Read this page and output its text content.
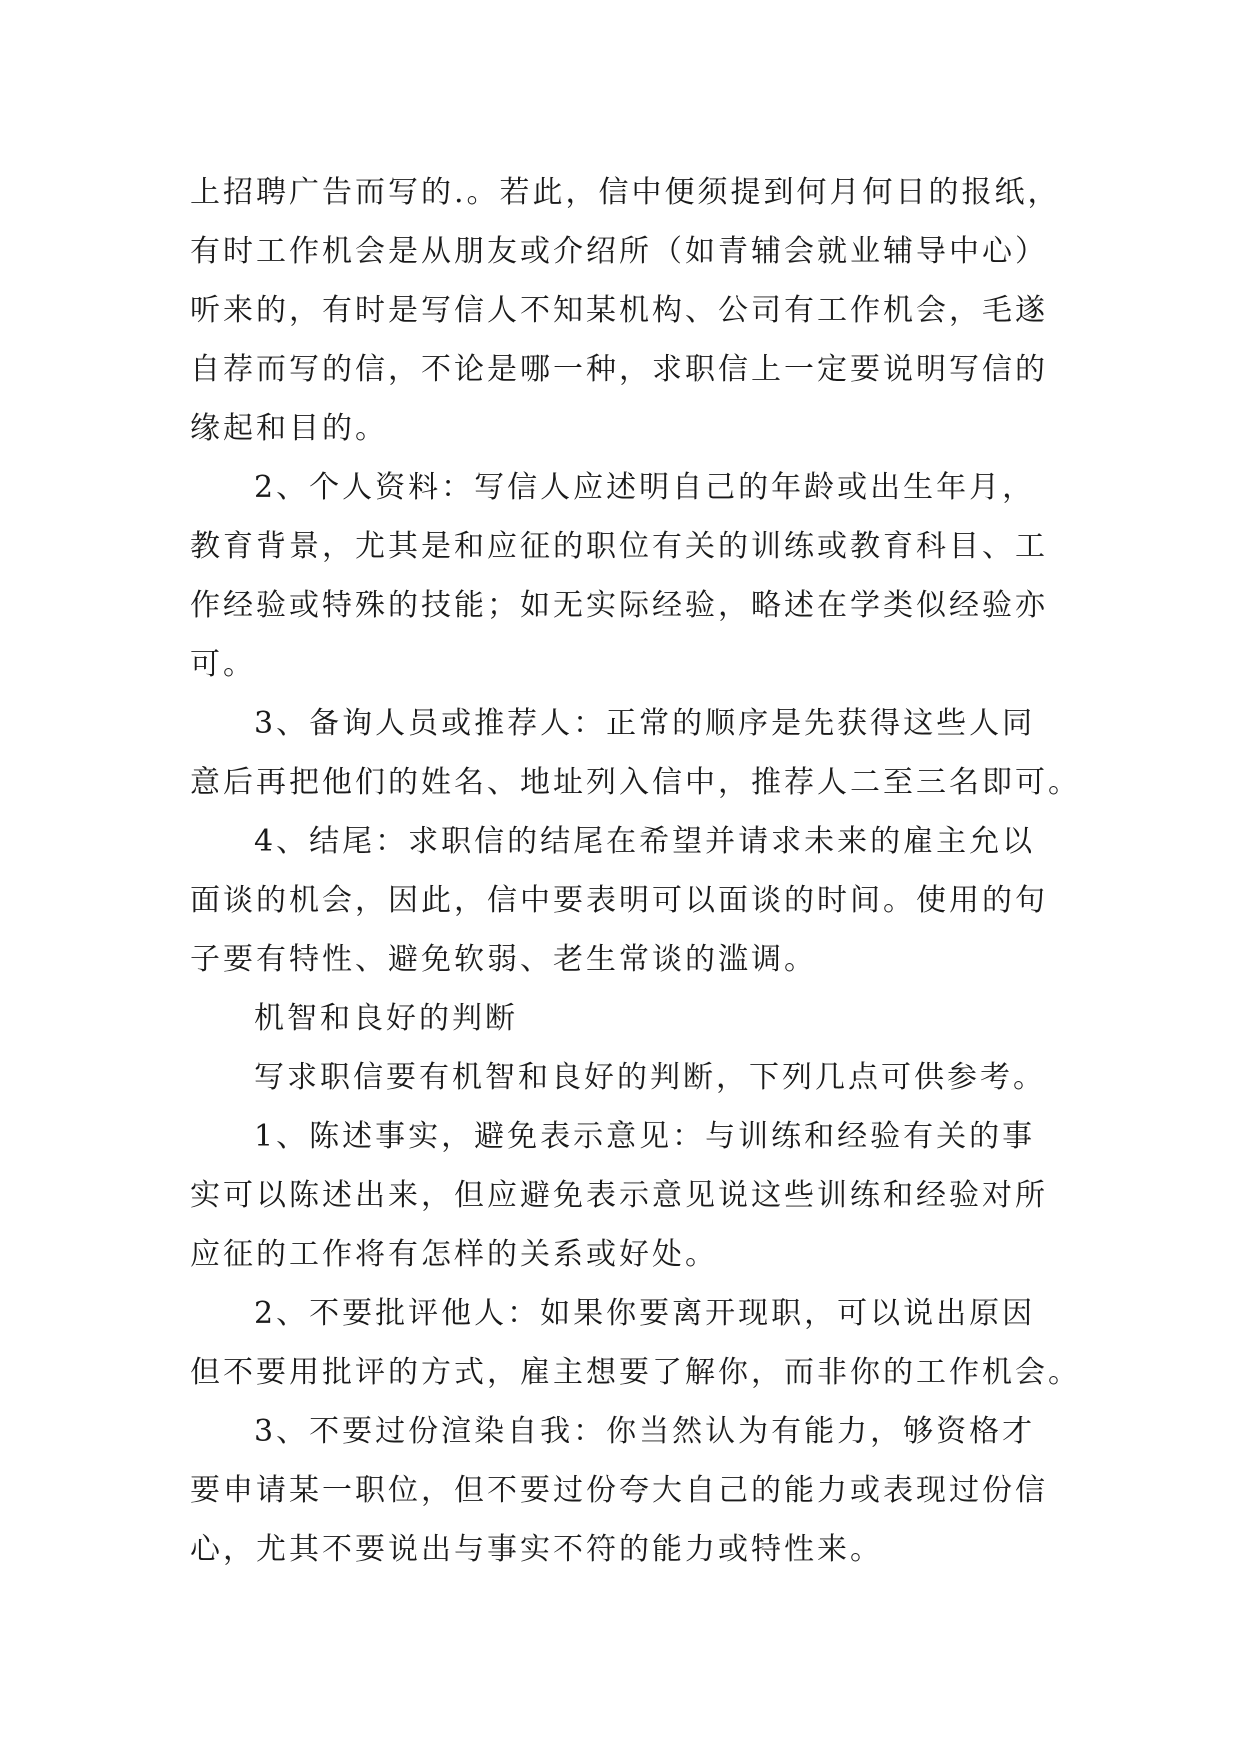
上招聘广告而写的.。若此，信中便须提到何月何日的报纸，
有时工作机会是从朋友或介绍所（如青辅会就业辅导中心）
听来的，有时是写信人不知某机构、公司有工作机会，毛遂
自荐而写的信，不论是哪一种，求职信上一定要说明写信的
缘起和目的。
2、个人资料：写信人应述明自己的年龄或出生年月，
教育背景，尤其是和应征的职位有关的训练或教育科目、工
作经验或特殊的技能；如无实际经验，略述在学类似经验亦
可。
3、备询人员或推荐人：正常的顺序是先获得这些人同
意后再把他们的姓名、地址列入信中，推荐人二至三名即可。
4、结尾：求职信的结尾在希望并请求未来的雇主允以
面谈的机会，因此，信中要表明可以面谈的时间。使用的句
子要有特性、避免软弱、老生常谈的滥调。
机智和良好的判断
写求职信要有机智和良好的判断，下列几点可供参考。
1、陈述事实，避免表示意见：与训练和经验有关的事
实可以陈述出来，但应避免表示意见说这些训练和经验对所
应征的工作将有怎样的关系或好处。
2、不要批评他人：如果你要离开现职，可以说出原因
但不要用批评的方式，雇主想要了解你，而非你的工作机会。
3、不要过份渲染自我：你当然认为有能力，够资格才
要申请某一职位，但不要过份夸大自己的能力或表现过份信
心，尤其不要说出与事实不符的能力或特性来。
